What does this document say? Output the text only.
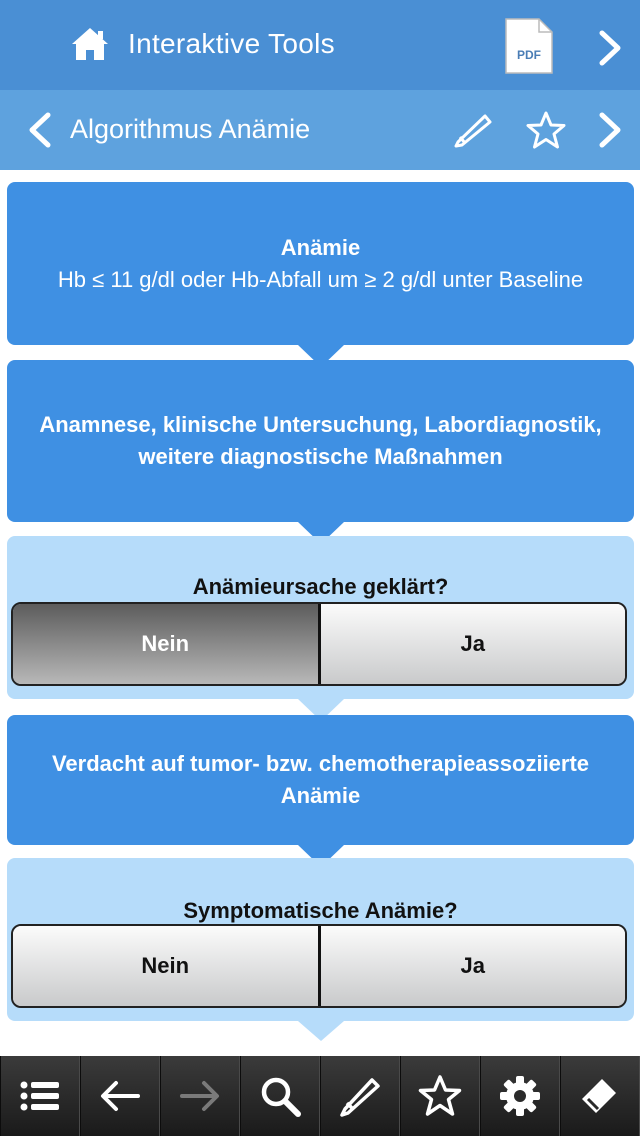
Interaktive Tools	PDF
Algorithmus Anämie
Anämie
Hb ≤ 11 g/dl oder Hb-Abfall um ≥ 2 g/dl unter Baseline
Anamnese, klinische Untersuchung, Labordiagnostik, weitere diagnostische Maßnahmen
Anämieursache geklärt?
Nein	Ja
Verdacht auf tumor- bzw. chemotherapieassoziierte Anämie
Symptomatische Anämie?
Nein	Ja
